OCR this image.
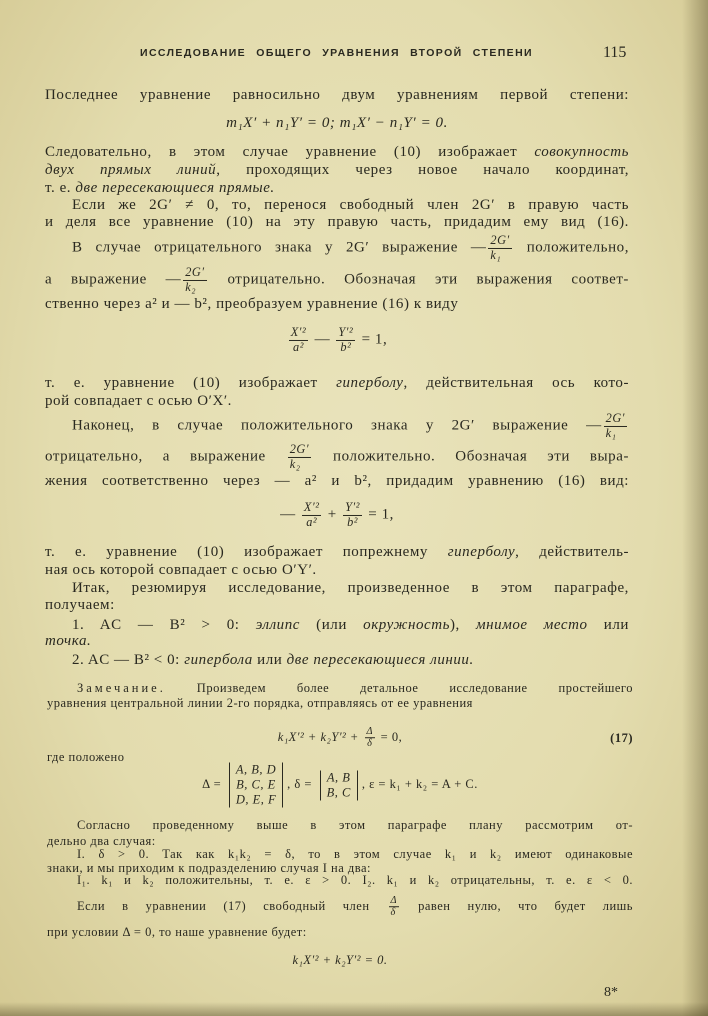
ИССЛЕДОВАНИЕ ОБЩЕГО УРАВНЕНИЯ ВТОРОЙ СТЕПЕНИ	115
Последнее уравнение равносильно двум уравнениям первой степени:
m₁X′ + n₁Y′ = 0; m₁X′ − n₁Y′ = 0.
Следовательно, в этом случае уравнение (10) изображает совокупность
двух прямых линий, проходящих через новое начало координат,
т. е. две пересекающиеся прямые.
Если же 2G′ ≠ 0, то, перенося свободный член 2G′ в правую часть
и деля все уравнение (10) на эту правую часть, придадим ему вид (16).
В случае отрицательного знака у 2G′ выражение — $\frac{2G'}{\text{k₁}}$ положительно,
а выражение — $\frac{2G'}{\text{k₂}}$ отрицательно. Обозначая эти выражения соответ-
ственно через a² и — b², преобразуем уравнение (16) к виду
$\frac{\text{X′²}}{\text{a²}}$ — $\frac{\text{Y′²}}{\text{b²}} = 1$,
т. е. уравнение (10) изображает гиперболу, действительная ось кото-
рой совпадает с осью O′X′.
Наконец, в случае положительного знака у 2G′ выражение — $\frac{2G'}{\text{k₁}}$
отрицательно, а выражение $\frac{2G'}{\text{k₂}}$ положительно. Обозначая эти выра-
жения соответственно через — a² и b², придадим уравнению (16) вид:
— $\frac{\text{X′²}}{\text{a²}} + \frac{\text{Y′²}}{\text{b²}} = 1$,
т. е. уравнение (10) изображает попрежнему гиперболу, действитель-
ная ось которой совпадает с осью O′Y′.
Итак, резюмируя исследование, произведенное в этом параграфе,
получаем:
1. AC — B² > 0: эллипс (или окружность), мнимое место или
точка.
2. AC — B² < 0: гипербола или две пересекающиеся линии.
Замечание. Произведем более детальное исследование простейшего
уравнения центральной линии 2-го порядка, отправляясь от ее уравнения
$k_1X'^2 + k_2Y'^2 + \frac{\Delta}{\delta} = 0$,	(17)
где положено
Δ =
A, B, D
B, C, E
D, E, F
, δ = A, B
B, C
, ε = k₁ + k₂ = A + C.
Согласно проведенному выше в этом параграфе плану рассмотрим от-
дельно два случая:
I. δ > 0. Так как k₁k₂ = δ, то в этом случае k₁ и k₂ имеют одинаковые
знаки, и мы приходим к подразделению случая I на два:
I₁. k₁ и k₂ положительны, т. е. ε > 0. I₂. k₁ и k₂ отрицательны, т. е. ε < 0.
Если в уравнении (17) свободный член $\frac{\Delta}{\delta}$ равен нулю, что будет лишь
при условии Δ = 0, то наше уравнение будет:
k₁X′² + k₂Y′² = 0.
8*
